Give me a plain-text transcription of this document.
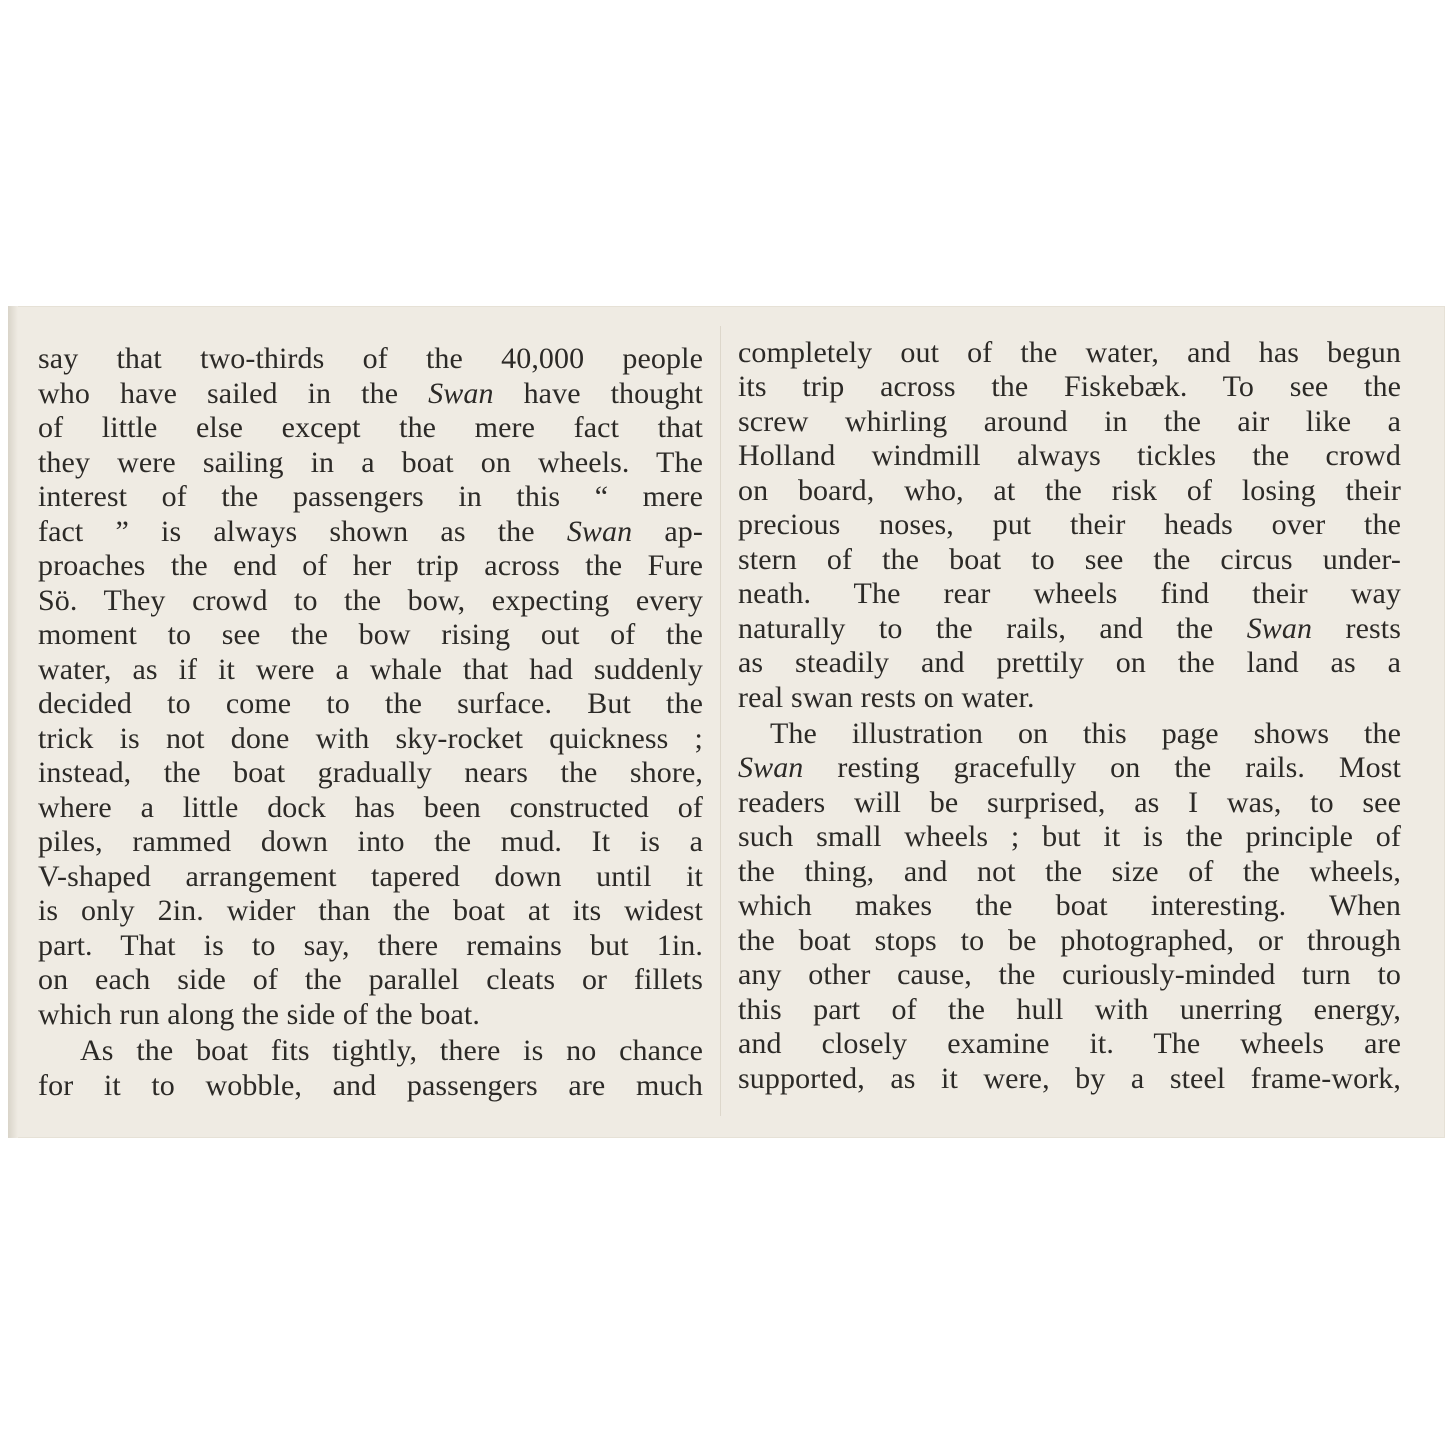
say that two-thirds of the 40,000 people
who have sailed in the Swan have thought
of little else except the mere fact that
they were sailing in a boat on wheels. The
interest of the passengers in this “ mere
fact ” is always shown as the Swan ap-
proaches the end of her trip across the Fure
Sö. They crowd to the bow, expecting every
moment to see the bow rising out of the
water, as if it were a whale that had suddenly
decided to come to the surface. But the
trick is not done with sky-rocket quickness ;
instead, the boat gradually nears the shore,
where a little dock has been constructed of
piles, rammed down into the mud. It is a
V-shaped arrangement tapered down until it
is only 2in. wider than the boat at its widest
part. That is to say, there remains but 1in.
on each side of the parallel cleats or fillets
which run along the side of the boat.
As the boat fits tightly, there is no chance
for it to wobble, and passengers are much
completely out of the water, and has begun
its trip across the Fiskebæk. To see the
screw whirling around in the air like a
Holland windmill always tickles the crowd
on board, who, at the risk of losing their
precious noses, put their heads over the
stern of the boat to see the circus under-
neath. The rear wheels find their way
naturally to the rails, and the Swan rests
as steadily and prettily on the land as a
real swan rests on water.
The illustration on this page shows the
Swan resting gracefully on the rails. Most
readers will be surprised, as I was, to see
such small wheels ; but it is the principle of
the thing, and not the size of the wheels,
which makes the boat interesting. When
the boat stops to be photographed, or through
any other cause, the curiously-minded turn to
this part of the hull with unerring energy,
and closely examine it. The wheels are
supported, as it were, by a steel frame-work,
